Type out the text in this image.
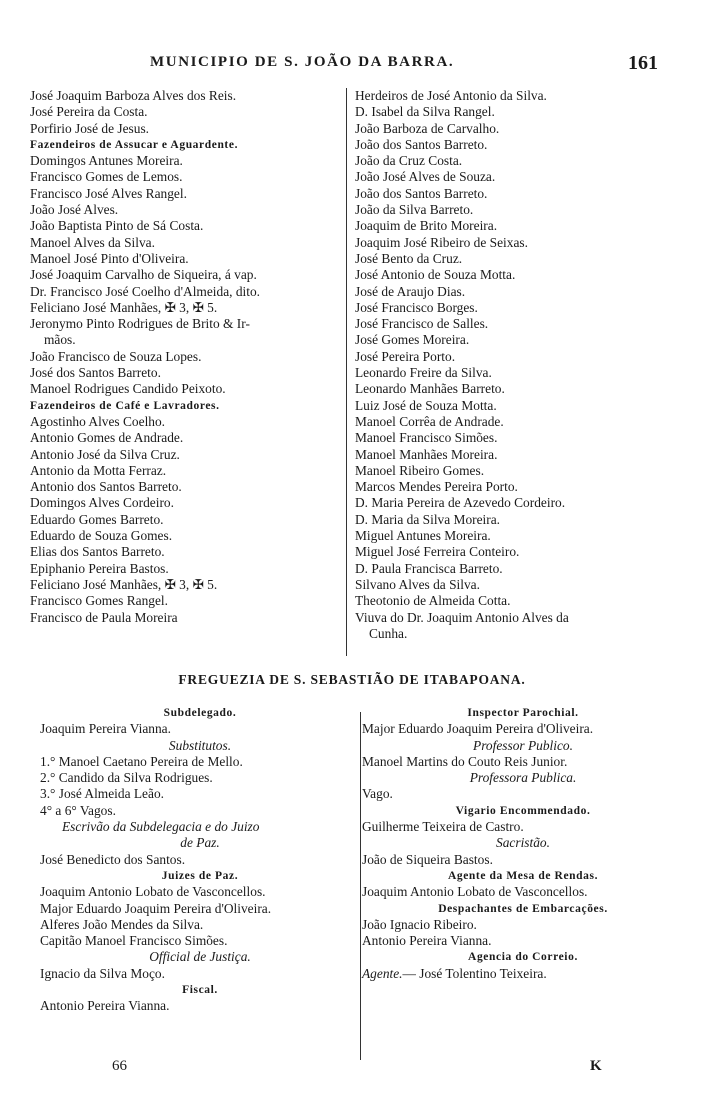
MUNICIPIO DE S. JOÃO DA BARRA.	161
José Joaquim Barboza Alves dos Reis.
José Pereira da Costa.
Porfirio José de Jesus.
Fazendeiros de Assucar e Aguardente.
Domingos Antunes Moreira.
Francisco Gomes de Lemos.
Francisco José Alves Rangel.
João José Alves.
João Baptista Pinto de Sá Costa.
Manoel Alves da Silva.
Manoel José Pinto d'Oliveira.
José Joaquim Carvalho de Siqueira, á vap.
Dr. Francisco José Coelho d'Almeida, dito.
Feliciano José Manhães, ✠ 3, ✠ 5.
Jeronymo Pinto Rodrigues de Brito & Ir-
mãos.
João Francisco de Souza Lopes.
José dos Santos Barreto.
Manoel Rodrigues Candido Peixoto.
Fazendeiros de Café e Lavradores.
Agostinho Alves Coelho.
Antonio Gomes de Andrade.
Antonio José da Silva Cruz.
Antonio da Motta Ferraz.
Antonio dos Santos Barreto.
Domingos Alves Cordeiro.
Eduardo Gomes Barreto.
Eduardo de Souza Gomes.
Elias dos Santos Barreto.
Epiphanio Pereira Bastos.
Feliciano José Manhães, ✠ 3, ✠ 5.
Francisco Gomes Rangel.
Francisco de Paula Moreira
Herdeiros de José Antonio da Silva.
D. Isabel da Silva Rangel.
João Barboza de Carvalho.
João dos Santos Barreto.
João da Cruz Costa.
João José Alves de Souza.
João dos Santos Barreto.
João da Silva Barreto.
Joaquim de Brito Moreira.
Joaquim José Ribeiro de Seixas.
José Bento da Cruz.
José Antonio de Souza Motta.
José de Araujo Dias.
José Francisco Borges.
José Francisco de Salles.
José Gomes Moreira.
José Pereira Porto.
Leonardo Freire da Silva.
Leonardo Manhães Barreto.
Luiz José de Souza Motta.
Manoel Corrêa de Andrade.
Manoel Francisco Simões.
Manoel Manhães Moreira.
Manoel Ribeiro Gomes.
Marcos Mendes Pereira Porto.
D. Maria Pereira de Azevedo Cordeiro.
D. Maria da Silva Moreira.
Miguel Antunes Moreira.
Miguel José Ferreira Conteiro.
D. Paula Francisca Barreto.
Silvano Alves da Silva.
Theotonio de Almeida Cotta.
Viuva do Dr. Joaquim Antonio Alves da
Cunha.
FREGUEZIA DE S. SEBASTIÃO DE ITABAPOANA.
Subdelegado.
Joaquim Pereira Vianna.
Substitutos.
1.° Manoel Caetano Pereira de Mello.
2.° Candido da Silva Rodrigues.
3.° José Almeida Leão.
4° a 6° Vagos.
Escrivão da Subdelegacia e do Juizo
de Paz.
José Benedicto dos Santos.
Juizes de Paz.
Joaquim Antonio Lobato de Vasconcellos.
Major Eduardo Joaquim Pereira d'Oliveira.
Alferes João Mendes da Silva.
Capitão Manoel Francisco Simões.
Official de Justiça.
Ignacio da Silva Moço.
Fiscal.
Antonio Pereira Vianna.
Inspector Parochial.
Major Eduardo Joaquim Pereira d'Oliveira.
Professor Publico.
Manoel Martins do Couto Reis Junior.
Professora Publica.
Vago.
Vigario Encommendado.
Guilherme Teixeira de Castro.
Sacristão.
João de Siqueira Bastos.
Agente da Mesa de Rendas.
Joaquim Antonio Lobato de Vasconcellos.
Despachantes de Embarcações.
João Ignacio Ribeiro.
Antonio Pereira Vianna.
Agencia do Correio.
Agente.— José Tolentino Teixeira.
66	K
